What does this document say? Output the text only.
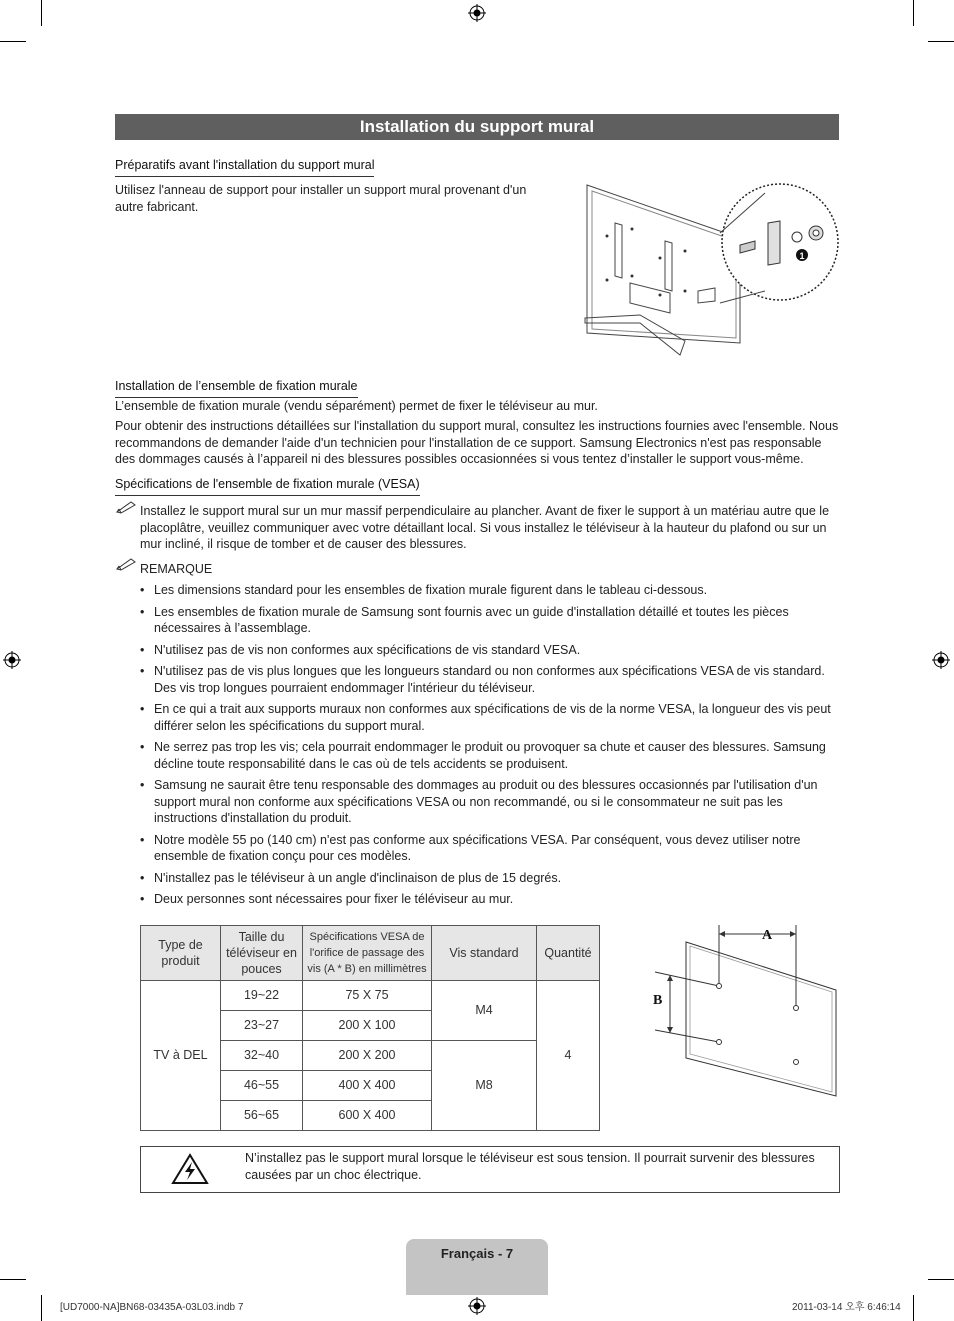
Installation du support mural
Préparatifs avant l'installation du support mural
Utilisez l'anneau de support pour installer un support mural provenant d'un autre fabricant.
1
Installation de l’ensemble de fixation murale
L’ensemble de fixation murale (vendu séparément) permet de fixer le téléviseur au mur.
Pour obtenir des instructions détaillées sur l'installation du support mural, consultez les instructions fournies avec l'ensemble. Nous recommandons de demander l'aide d'un technicien pour l'installation de ce support. Samsung Electronics n'est pas responsable des dommages causés à l’appareil ni des blessures possibles occasionnées si vous tentez d’installer le support vous-même.
Spécifications de l'ensemble de fixation murale (VESA)
Installez le support mural sur un mur massif perpendiculaire au plancher. Avant de fixer le support à un matériau autre que le placoplâtre, veuillez communiquer avec votre détaillant local. Si vous installez le téléviseur à la hauteur du plafond ou sur un mur incliné, il risque de tomber et de causer des blessures.
REMARQUE
• Les dimensions standard pour les ensembles de fixation murale figurent dans le tableau ci-dessous.
• Les ensembles de fixation murale de Samsung sont fournis avec un guide d'installation détaillé et toutes les pièces nécessaires à l’assemblage.
• N'utilisez pas de vis non conformes aux spécifications de vis standard VESA.
• N'utilisez pas de vis plus longues que les longueurs standard ou non conformes aux spécifications VESA de vis standard. Des vis trop longues pourraient endommager l'intérieur du téléviseur.
• En ce qui a trait aux supports muraux non conformes aux spécifications de vis de la norme VESA, la longueur des vis peut différer selon les spécifications du support mural.
• Ne serrez pas trop les vis; cela pourrait endommager le produit ou provoquer sa chute et causer des blessures. Samsung décline toute responsabilité dans le cas où de tels accidents se produisent.
• Samsung ne saurait être tenu responsable des dommages au produit ou des blessures occasionnés par l'utilisation d'un support mural non conforme aux spécifications VESA ou non recommandé, ou si le consommateur ne suit pas les instructions d'installation du produit.
• Notre modèle 55 po (140 cm) n'est pas conforme aux spécifications VESA. Par conséquent, vous devez utiliser notre ensemble de fixation conçu pour ces modèles.
• N'installez pas le téléviseur à un angle d'inclinaison de plus de 15 degrés.
• Deux personnes sont nécessaires pour fixer le téléviseur au mur.
Type de produit	Taille du téléviseur en pouces	Spécifications VESA de l'orifice de passage des vis (A * B) en millimètres	Vis standard	Quantité
TV à DEL	19~22	75 X 75	M4	4
	23~27	200 X 100		
	32~40	200 X 200	M8	
	46~55	400 X 400		
	56~65	600 X 400		
A
B
N’installez pas le support mural lorsque le téléviseur est sous tension. Il pourrait survenir des blessures causées par un choc électrique.
Français - 7
[UD7000-NA]BN68-03435A-03L03.indb 7	2011-03-14 오후 6:46:14
